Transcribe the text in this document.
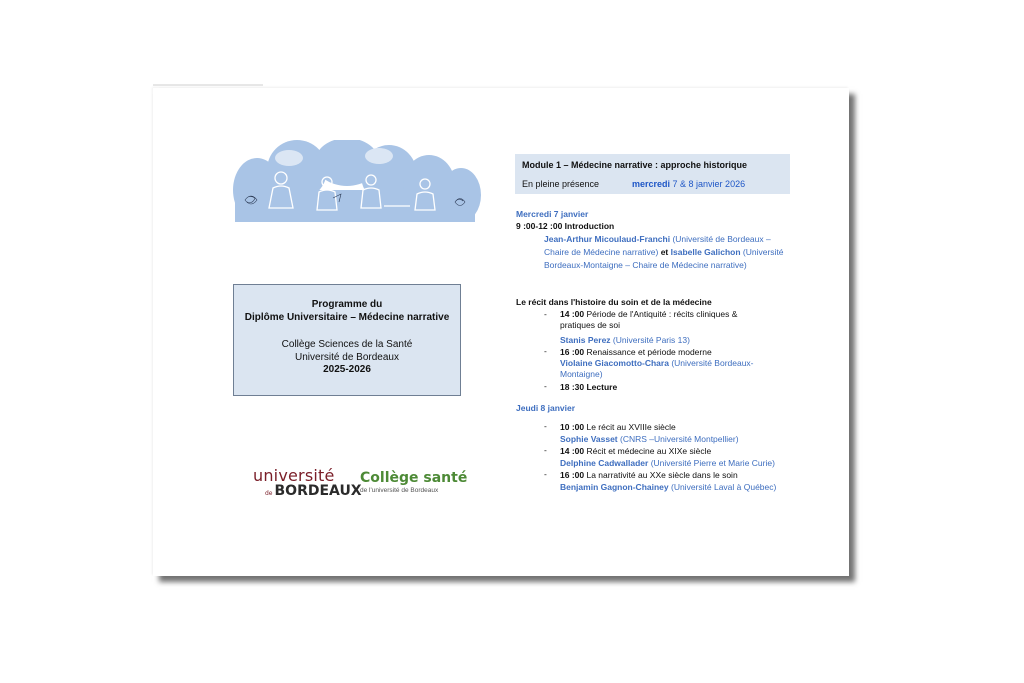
Programme du
Diplôme Universitaire – Médecine narrative
Collège Sciences de la Santé
Université de Bordeaux
2025-2026
université
de BORDEAUX
Collège santé
de l'université de Bordeaux
Module 1 – Médecine narrative : approche historique
En pleine présence	mercredi 7 & 8 janvier 2026
Mercredi 7 janvier
9 :00-12 :00 Introduction
Jean-Arthur Micoulaud-Franchi (Université de Bordeaux – Chaire de Médecine narrative) et Isabelle Galichon (Université Bordeaux-Montaigne – Chaire de Médecine narrative)
Le récit dans l'histoire du soin et de la médecine
- 14 :00 Période de l'Antiquité : récits cliniques & pratiques de soi
Stanis Perez (Université Paris 13)
- 16 :00 Renaissance et période moderne
Violaine Giacomotto-Chara (Université Bordeaux-Montaigne)
- 18 :30 Lecture
Jeudi 8 janvier
- 10 :00 Le récit au XVIIIe siècle
Sophie Vasset (CNRS –Université Montpellier)
- 14 :00 Récit et médecine au XIXe siècle
Delphine Cadwallader (Université Pierre et Marie Curie)
- 16 :00 La narrativité au XXe siècle dans le soin
Benjamin Gagnon-Chainey (Université Laval à Québec)
